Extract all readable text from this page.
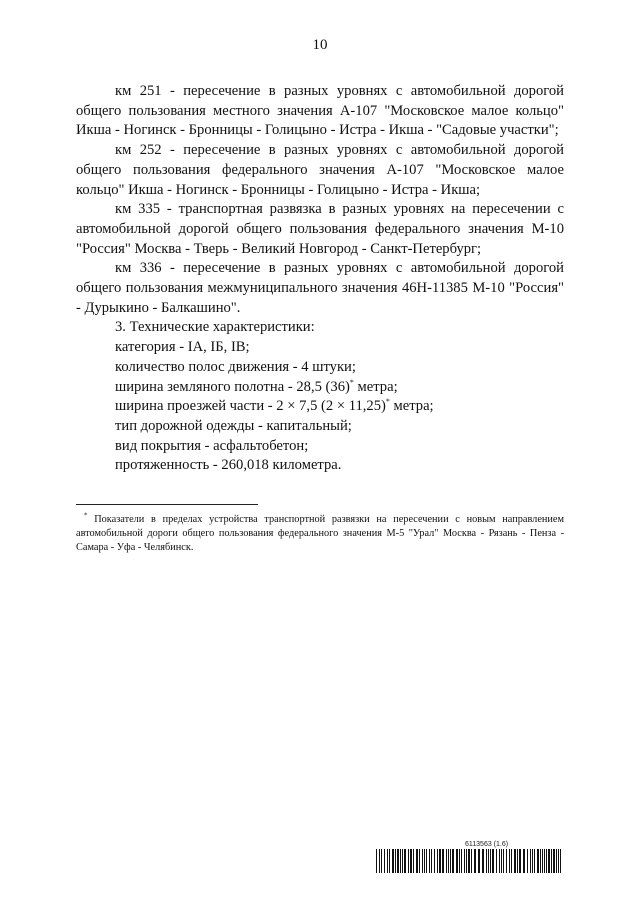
10

км 251 - пересечение в разных уровнях с автомобильной дорогой общего пользования местного значения А-107 "Московское малое кольцо" Икша - Ногинск - Бронницы - Голицыно - Истра - Икша - "Садовые участки";

км 252 - пересечение в разных уровнях с автомобильной дорогой общего пользования федерального значения А-107 "Московское малое кольцо" Икша - Ногинск - Бронницы - Голицыно - Истра - Икша;

км 335 - транспортная развязка в разных уровнях на пересечении с автомобильной дорогой общего пользования федерального значения М-10 "Россия" Москва - Тверь - Великий Новгород - Санкт-Петербург;

км 336 - пересечение в разных уровнях с автомобильной дорогой общего пользования межмуниципального значения 46Н-11385 М-10 "Россия" - Дурыкино - Балкашино".

3. Технические характеристики:

категория - IA, IБ, IB;

количество полос движения - 4 штуки;

ширина земляного полотна - 28,5 (36)* метра;

ширина проезжей части - 2 × 7,5 (2 × 11,25)* метра;

тип дорожной одежды - капитальный;

вид покрытия - асфальтобетон;

протяженность - 260,018 километра.

* Показатели в пределах устройства транспортной развязки на пересечении с новым направлением автомобильной дороги общего пользования федерального значения М-5 "Урал" Москва - Рязань - Пенза - Самара - Уфа - Челябинск.
6113563 (1.6)
